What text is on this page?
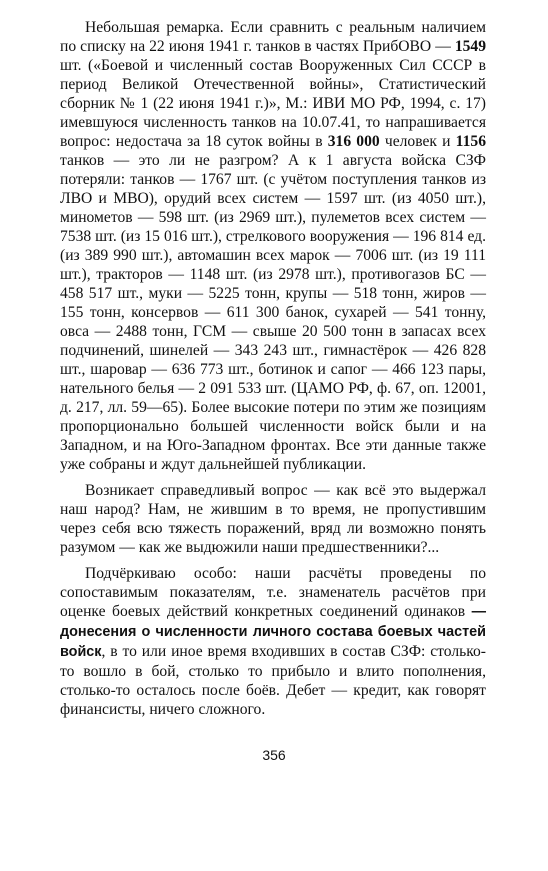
Небольшая ремарка. Если сравнить с реальным наличием по списку на 22 июня 1941 г. танков в частях ПрибОВО — 1549 шт. («Боевой и численный состав Вооруженных Сил СССР в период Великой Отечественной войны», Статистический сборник № 1 (22 июня 1941 г.)», М.: ИВИ МО РФ, 1994, с. 17) имевшуюся численность танков на 10.07.41, то напрашивается вопрос: недостача за 18 суток войны в 316 000 человек и 1156 танков — это ли не разгром? А к 1 августа войска СЗФ потеряли: танков — 1767 шт. (с учётом поступления танков из ЛВО и МВО), орудий всех систем — 1597 шт. (из 4050 шт.), минометов — 598 шт. (из 2969 шт.), пулеметов всех систем — 7538 шт. (из 15 016 шт.), стрелкового вооружения — 196 814 ед. (из 389 990 шт.), автомашин всех марок — 7006 шт. (из 19 111 шт.), тракторов — 1148 шт. (из 2978 шт.), противогазов БС — 458 517 шт., муки — 5225 тонн, крупы — 518 тонн, жиров — 155 тонн, консервов — 611 300 банок, сухарей — 541 тонну, овса — 2488 тонн, ГСМ — свыше 20 500 тонн в запасах всех подчинений, шинелей — 343 243 шт., гимнастёрок — 426 828 шт., шаровар — 636 773 шт., ботинок и сапог — 466 123 пары, нательного белья — 2 091 533 шт. (ЦАМО РФ, ф. 67, оп. 12001, д. 217, лл. 59—65). Более высокие потери по этим же позициям пропорционально большей численности войск были и на Западном, и на Юго-Западном фронтах. Все эти данные также уже собраны и ждут дальнейшей публикации.

Возникает справедливый вопрос — как всё это выдержал наш народ? Нам, не жившим в то время, не пропустившим через себя всю тяжесть поражений, вряд ли возможно понять разумом — как же выдюжили наши предшественники?...

Подчёркиваю особо: наши расчёты проведены по сопоставимым показателям, т.е. знаменатель расчётов при оценке боевых действий конкретных соединений одинаков — донесения о численности личного состава боевых частей войск, в то или иное время входивших в состав СЗФ: столько-то вошло в бой, столько то прибыло и влито пополнения, столько-то осталось после боёв. Дебет — кредит, как говорят финансисты, ничего сложного.

356
